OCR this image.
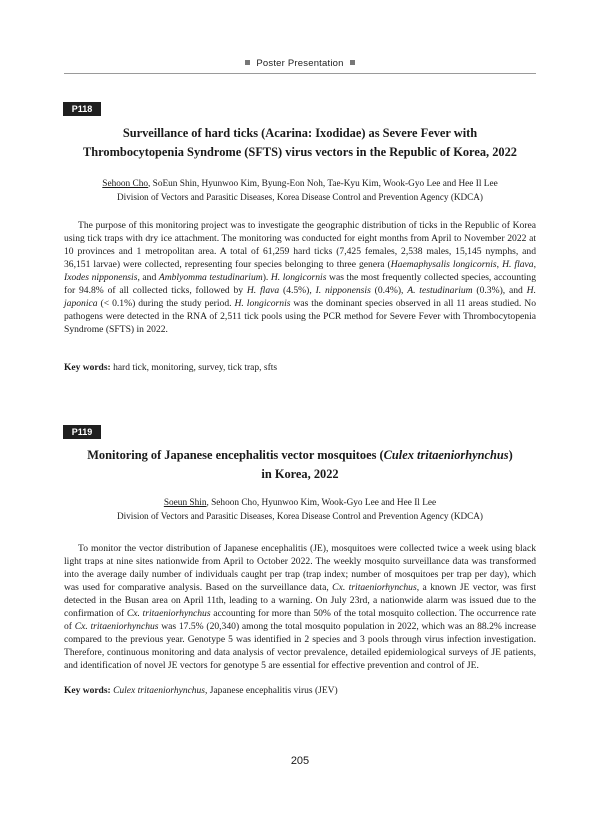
Poster Presentation
P118
Surveillance of hard ticks (Acarina: Ixodidae) as Severe Fever with
Thrombocytopenia Syndrome (SFTS) virus vectors in the Republic of Korea, 2022
Sehoon Cho, SoEun Shin, Hyunwoo Kim, Byung-Eon Noh, Tae-Kyu Kim, Wook-Gyo Lee and Hee Il Lee
Division of Vectors and Parasitic Diseases, Korea Disease Control and Prevention Agency (KDCA)

The purpose of this monitoring project was to investigate the geographic distribution of ticks in the Republic of Korea using tick traps with dry ice attachment. The monitoring was conducted for eight months from April to November 2022 at 10 provinces and 1 metropolitan area. A total of 61,259 hard ticks (7,425 females, 2,538 males, 15,145 nymphs, and 36,151 larvae) were collected, representing four species belonging to three genera (Haemaphysalis longicornis, H. flava, Ixodes nipponensis, and Amblyomma testudinarium). H. longicornis was the most frequently collected species, accounting for 94.8% of all collected ticks, followed by H. flava (4.5%), I. nipponensis (0.4%), A. testudinarium (0.3%), and H. japonica (< 0.1%) during the study period. H. longicornis was the dominant species observed in all 11 areas studied. No pathogens were detected in the RNA of 2,511 tick pools using the PCR method for Severe Fever with Thrombocytopenia Syndrome (SFTS) in 2022.

Key words: hard tick, monitoring, survey, tick trap, sfts
P119
Monitoring of Japanese encephalitis vector mosquitoes (Culex tritaeniorhynchus)
in Korea, 2022
Soeun Shin, Sehoon Cho, Hyunwoo Kim, Wook-Gyo Lee and Hee Il Lee
Division of Vectors and Parasitic Diseases, Korea Disease Control and Prevention Agency (KDCA)

To monitor the vector distribution of Japanese encephalitis (JE), mosquitoes were collected twice a week using black light traps at nine sites nationwide from April to October 2022. The weekly mosquito surveillance data was transformed into the average daily number of individuals caught per trap (trap index; number of mosquitoes per trap per day), which was used for comparative analysis. Based on the surveillance data, Cx. tritaeniorhynchus, a known JE vector, was first detected in the Busan area on April 11th, leading to a warning. On July 23rd, a nationwide alarm was issued due to the confirmation of Cx. tritaeniorhynchus accounting for more than 50% of the total mosquito collection. The occurrence rate of Cx. tritaeniorhynchus was 17.5% (20,340) among the total mosquito population in 2022, which was an 88.2% increase compared to the previous year. Genotype 5 was identified in 2 species and 3 pools through virus infection investigation. Therefore, continuous monitoring and data analysis of vector prevalence, detailed epidemiological surveys of JE patients, and identification of novel JE vectors for genotype 5 are essential for effective prevention and control of JE.

Key words: Culex tritaeniorhynchus, Japanese encephalitis virus (JEV)
205
